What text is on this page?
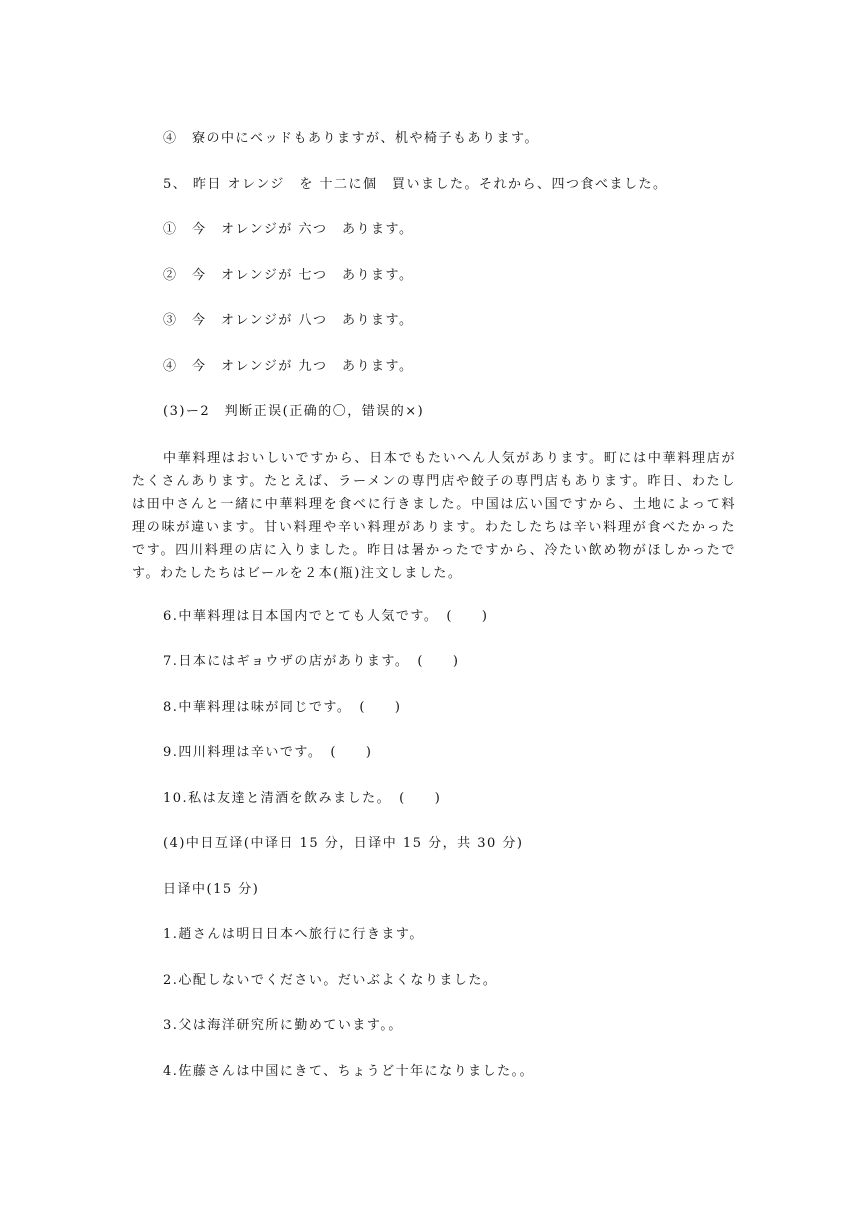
④　寮の中にベッドもありますが、机や椅子もあります。
5、 昨日 オレンジ　を 十二に個　買いました。それから、四つ食べました。
①　今　オレンジが 六つ　あります。
②　今　オレンジが 七つ　あります。
③　今　オレンジが 八つ　あります。
④　今　オレンジが 九つ　あります。
(3)ー2　判断正误(正确的〇，错误的×)
中華料理はおいしいですから、日本でもたいへん人気があります。町には中華料理店がたくさんあります。たとえば、ラーメンの専門店や餃子の専門店もあります。昨日、わたしは田中さんと一緒に中華料理を食べに行きました。中国は広い国ですから、土地によって料理の味が違います。甘い料理や辛い料理があります。わたしたちは辛い料理が食べたかったです。四川料理の店に入りました。昨日は暑かったですから、冷たい飲め物がほしかったです。わたしたちはビールを２本(瓶)注文しました。
6.中華料理は日本国内でとても人気です。　(　　)
7.日本にはギョウザの店があります。　(　　)
8.中華料理は味が同じです。　(　　)
9.四川料理は辛いです。　(　　)
10.私は友達と清酒を飲みました。　(　　)
(4)中日互译(中译日 15 分，日译中 15 分，共 30 分)
日译中(15 分)
1.趙さんは明日日本へ旅行に行きます。
2.心配しないでください。だいぶよくなりました。
3.父は海洋研究所に勤めています。。
4.佐藤さんは中国にきて、ちょうど十年になりました。。
